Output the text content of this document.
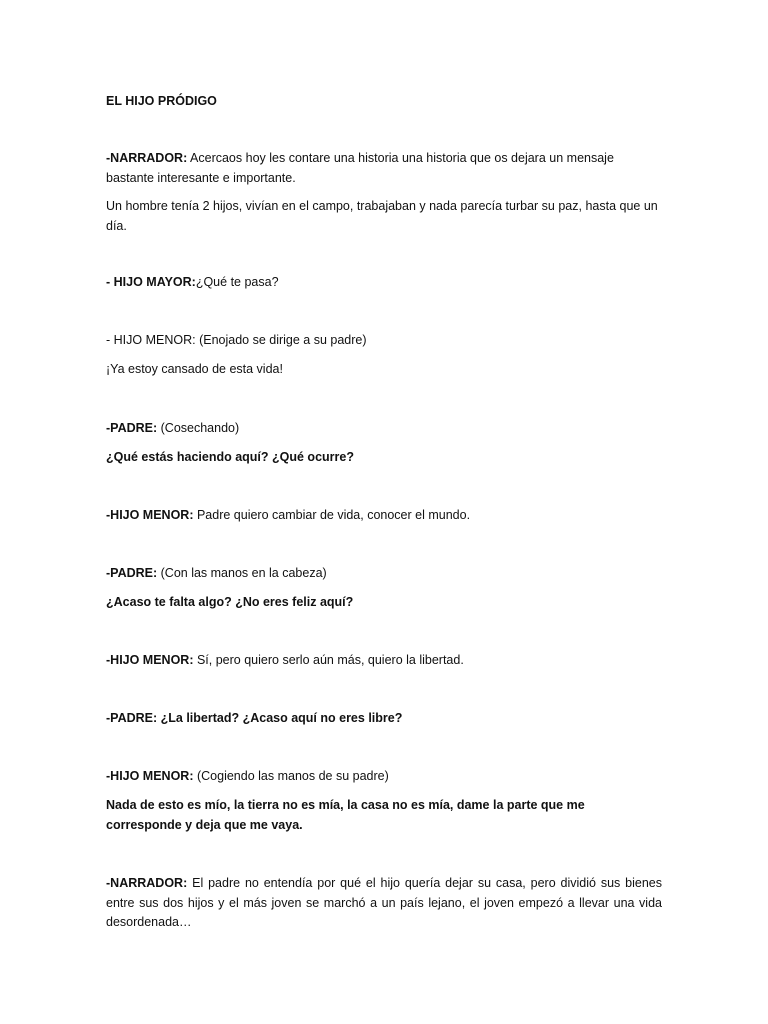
EL HIJO PRÓDIGO
-NARRADOR: Acercaos hoy les contare una historia una historia que os dejara un mensaje bastante interesante e importante.
Un hombre tenía 2 hijos, vivían en el campo, trabajaban y nada parecía turbar su paz, hasta que un día.
- HIJO MAYOR:¿Qué te pasa?
- HIJO MENOR: (Enojado se dirige a su padre)
¡Ya estoy cansado de esta vida!
-PADRE: (Cosechando)
¿Qué estás haciendo aquí? ¿Qué ocurre?
-HIJO MENOR: Padre quiero cambiar de vida, conocer el mundo.
-PADRE: (Con las manos en la cabeza)
¿Acaso te falta algo? ¿No eres feliz aquí?
-HIJO MENOR: Sí, pero quiero serlo aún más, quiero la libertad.
-PADRE: ¿La libertad? ¿Acaso aquí no eres libre?
-HIJO MENOR: (Cogiendo las manos de su padre)
Nada de esto es mío, la tierra no es mía, la casa no es mía, dame la parte que me corresponde y deja que me vaya.
-NARRADOR: El padre no entendía por qué el hijo quería dejar su casa, pero dividió sus bienes entre sus dos hijos y el más joven se marchó a un país lejano, el joven empezó a llevar una vida desordenada…
